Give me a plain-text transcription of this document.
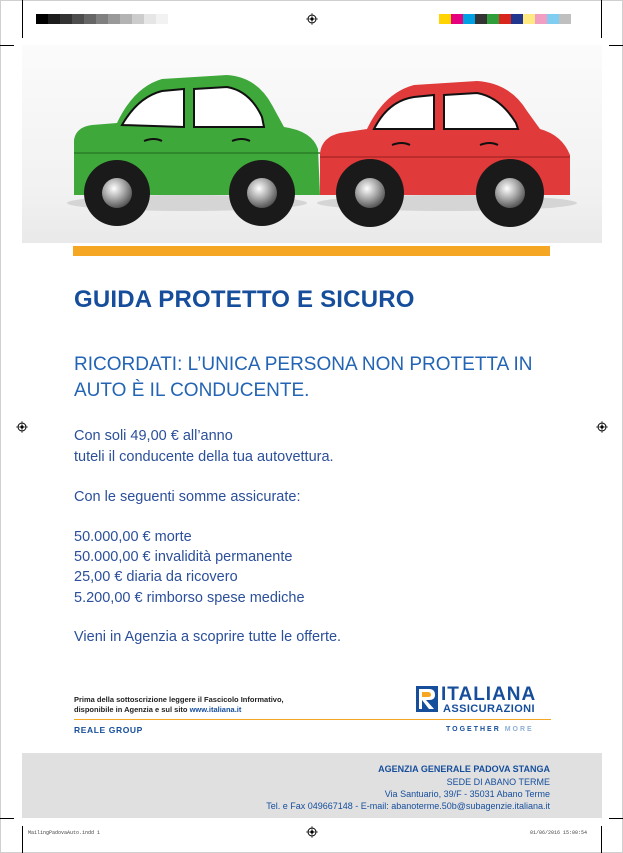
GUIDA PROTETTO E SICURO
RICORDATI: L’UNICA PERSONA NON PROTETTA IN AUTO È IL CONDUCENTE.
Con soli 49,00 € all’anno
tuteli il conducente della tua autovettura.
Con le seguenti somme assicurate:
50.000,00 € morte
50.000,00 € invalidità permanente
25,00 € diaria da ricovero
5.200,00 € rimborso spese mediche
Vieni in Agenzia a scoprire tutte le offerte.
Prima della sottoscrizione leggere il Fascicolo Informativo,
disponibile in Agenzia e sul sito www.italiana.it
REALE GROUP
ITALIANA
ASSICURAZIONI
TOGETHER MORE
AGENZIA GENERALE PADOVA STANGA
SEDE DI ABANO TERME
Via Santuario, 39/F - 35031 Abano Terme
Tel. e Fax 049667148 - E-mail: abanoterme.50b@subagenzie.italiana.it
MailingPadovaAuto.indd 1	01/06/2016 15:00:54
